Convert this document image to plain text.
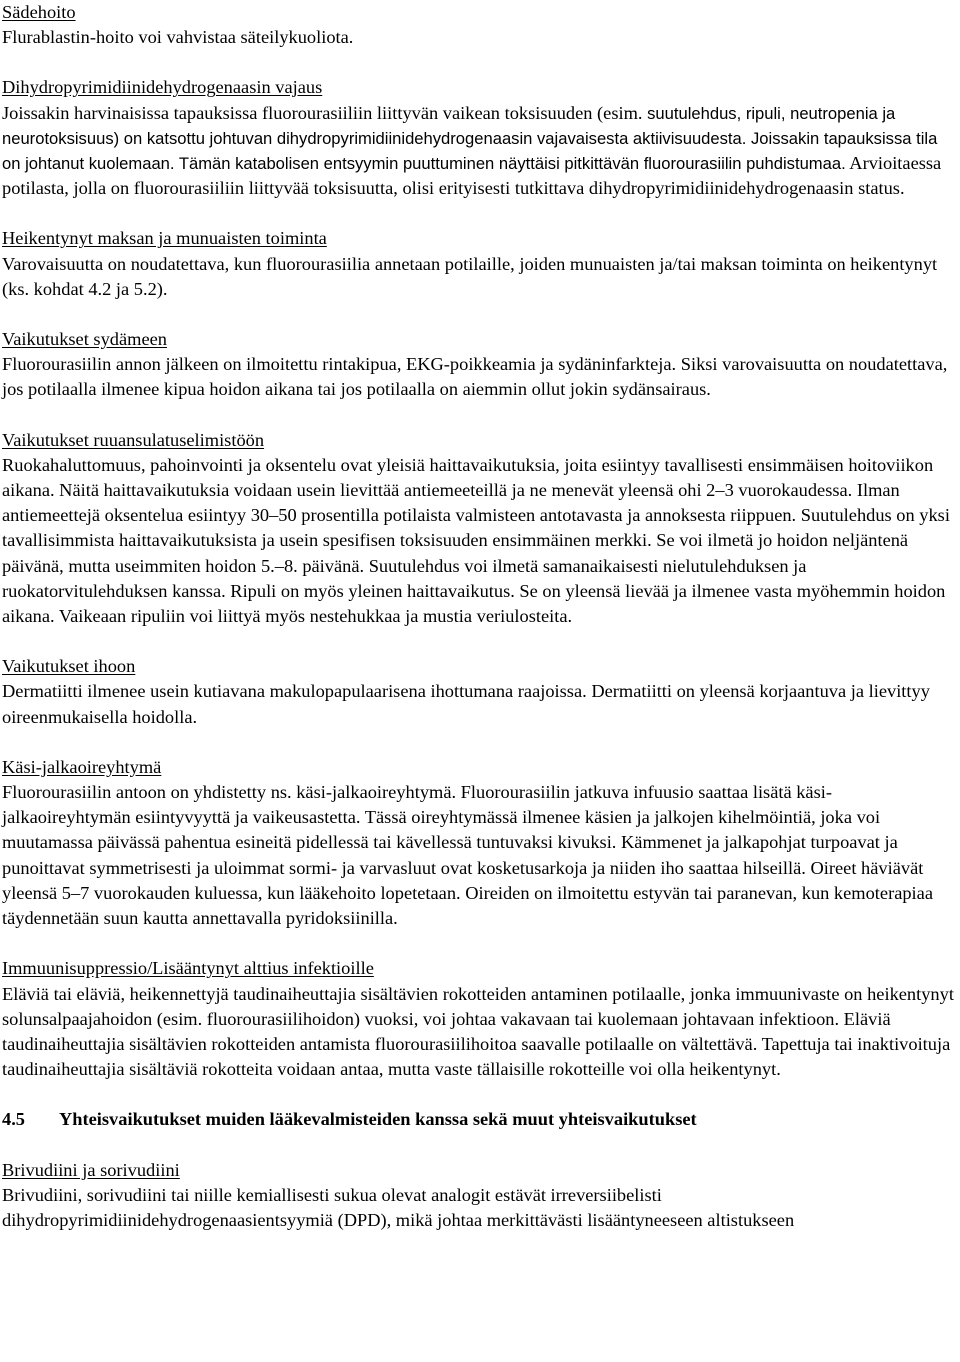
Sädehoito

Flurablastin-hoito voi vahvistaa säteilykuoliota.

Dihydropyrimidiinidehydrogenaasin vajaus

Joissakin harvinaisissa tapauksissa fluorourasiiliin liittyvän vaikean toksisuuden (esim. suutulehdus, ripuli, neutropenia ja neurotoksisuus) on katsottu johtuvan dihydropyrimidiinidehydrogenaasin vajavaisesta aktiivisuudesta. Joissakin tapauksissa tila on johtanut kuolemaan. Tämän katabolisen entsyymin puuttuminen näyttäisi pitkittävän fluorourasiilin puhdistumaa. Arvioitaessa potilasta, jolla on fluorourasiiliin liittyvää toksisuutta, olisi erityisesti tutkittava dihydropyrimidiinidehydrogenaasin status.

Heikentynyt maksan ja munuaisten toiminta

Varovaisuutta on noudatettava, kun fluorourasiilia annetaan potilaille, joiden munuaisten ja/tai maksan toiminta on heikentynyt (ks. kohdat 4.2 ja 5.2).

Vaikutukset sydämeen

Fluorourasiilin annon jälkeen on ilmoitettu rintakipua, EKG-poikkeamia ja sydäninfarkteja. Siksi varovaisuutta on noudatettava, jos potilaalla ilmenee kipua hoidon aikana tai jos potilaalla on aiemmin ollut jokin sydänsairaus.

Vaikutukset ruuansulatuselimistöön

Ruokahaluttomuus, pahoinvointi ja oksentelu ovat yleisiä haittavaikutuksia, joita esiintyy tavallisesti ensimmäisen hoitoviikon aikana. Näitä haittavaikutuksia voidaan usein lievittää antiemeeteillä ja ne menevät yleensä ohi 2–3 vuorokaudessa. Ilman antiemeettejä oksentelua esiintyy 30–50 prosentilla potilaista valmisteen antotavasta ja annoksesta riippuen. Suutulehdus on yksi tavallisimmista haittavaikutuksista ja usein spesifisen toksisuuden ensimmäinen merkki. Se voi ilmetä jo hoidon neljäntenä päivänä, mutta useimmiten hoidon 5.–8. päivänä. Suutulehdus voi ilmetä samanaikaisesti nielutulehduksen ja ruokatorvitulehduksen kanssa. Ripuli on myös yleinen haittavaikutus. Se on yleensä lievää ja ilmenee vasta myöhemmin hoidon aikana. Vaikeaan ripuliin voi liittyä myös nestehukkaa ja mustia veriulosteita.

Vaikutukset ihoon

Dermatiitti ilmenee usein kutiavana makulopapulaarisena ihottumana raajoissa. Dermatiitti on yleensä korjaantuva ja lievittyy oireenmukaisella hoidolla.

Käsi-jalkaoireyhtymä

Fluorourasiilin antoon on yhdistetty ns. käsi-jalkaoireyhtymä. Fluorourasiilin jatkuva infuusio saattaa lisätä käsi-jalkaoireyhtymän esiintyvyyttä ja vaikeusastetta. Tässä oireyhtymässä ilmenee käsien ja jalkojen kihelmöintiä, joka voi muutamassa päivässä pahentua esineitä pidellessä tai kävellessä tuntuvaksi kivuksi. Kämmenet ja jalkapohjat turpoavat ja punoittavat symmetrisesti ja uloimmat sormi- ja varvasluut ovat kosketusarkoja ja niiden iho saattaa hilseillä. Oireet häviävät yleensä 5–7 vuorokauden kuluessa, kun lääkehoito lopetetaan. Oireiden on ilmoitettu estyvän tai paranevan, kun kemoterapiaa täydennetään suun kautta annettavalla pyridoksiinilla.

Immuunisuppressio/Lisääntynyt alttius infektioille

Eläviä tai eläviä, heikennettyjä taudinaiheuttajia sisältävien rokotteiden antaminen potilaalle, jonka immuunivaste on heikentynyt solunsalpaajahoidon (esim. fluorourasiilihoidon) vuoksi, voi johtaa vakavaan tai kuolemaan johtavaan infektioon. Eläviä taudinaiheuttajia sisältävien rokotteiden antamista fluorourasiilihoitoa saavalle potilaalle on vältettävä. Tapettuja tai inaktivoituja taudinaiheuttajia sisältäviä rokotteita voidaan antaa, mutta vaste tällaisille rokotteille voi olla heikentynyt.

4.5	Yhteisvaikutukset muiden lääkevalmisteiden kanssa sekä muut yhteisvaikutukset
Brivudiini ja sorivudiini

Brivudiini, sorivudiini tai niille kemiallisesti sukua olevat analogit estävät irreversiibelisti dihydropyrimidiinidehydrogenaasientsyymiä (DPD), mikä johtaa merkittävästi lisääntyneeseen altistukseen
